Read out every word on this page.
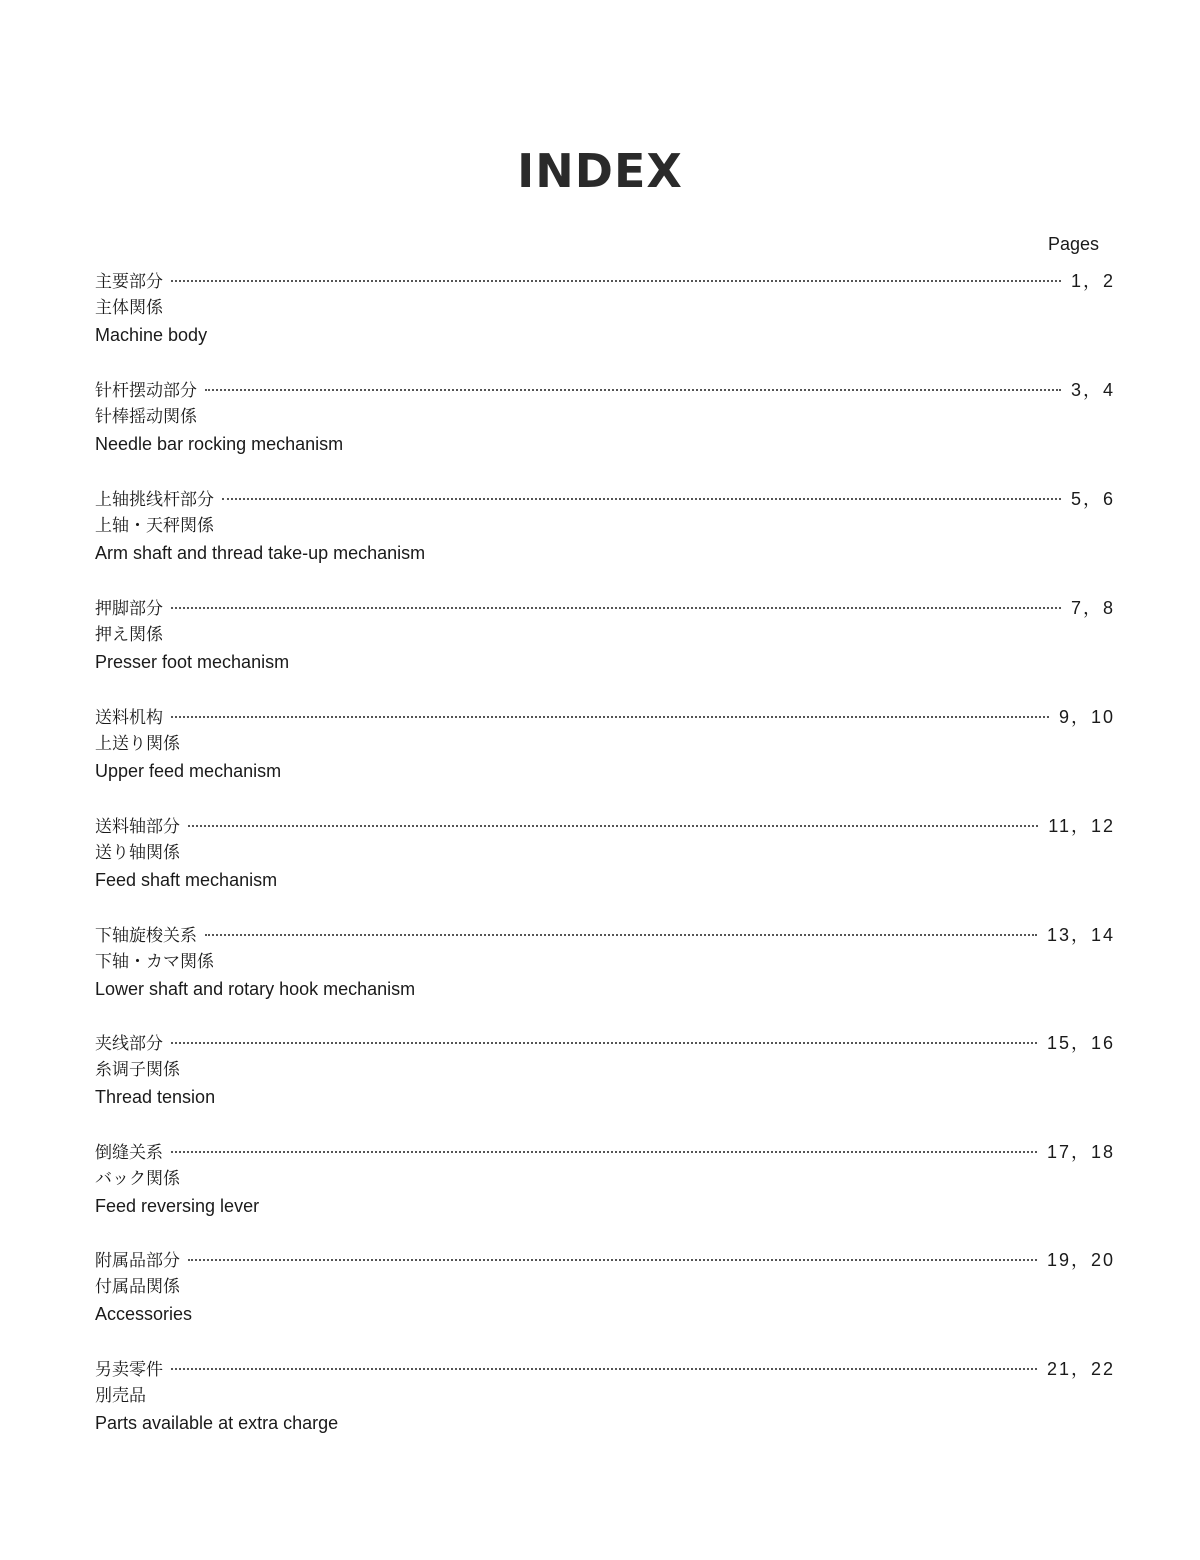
INDEX
Pages
主要部分	1，2
主体関係
Machine body
针杆摆动部分	3，4
针棒摇动関係
Needle bar rocking mechanism
上轴挑线杆部分	5，6
上轴・天秤関係
Arm shaft and thread take-up mechanism
押脚部分	7，8
押え関係
Presser foot mechanism
送料机构	9，10
上送り関係
Upper feed mechanism
送料轴部分	11，12
送り轴関係
Feed shaft mechanism
下轴旋梭关系	13，14
下轴・カマ関係
Lower shaft and rotary hook mechanism
夹线部分	15，16
糸调子関係
Thread tension
倒缝关系	17，18
バック関係
Feed reversing lever
附属品部分	19，20
付属品関係
Accessories
另卖零件	21，22
別売品
Parts available at extra charge
